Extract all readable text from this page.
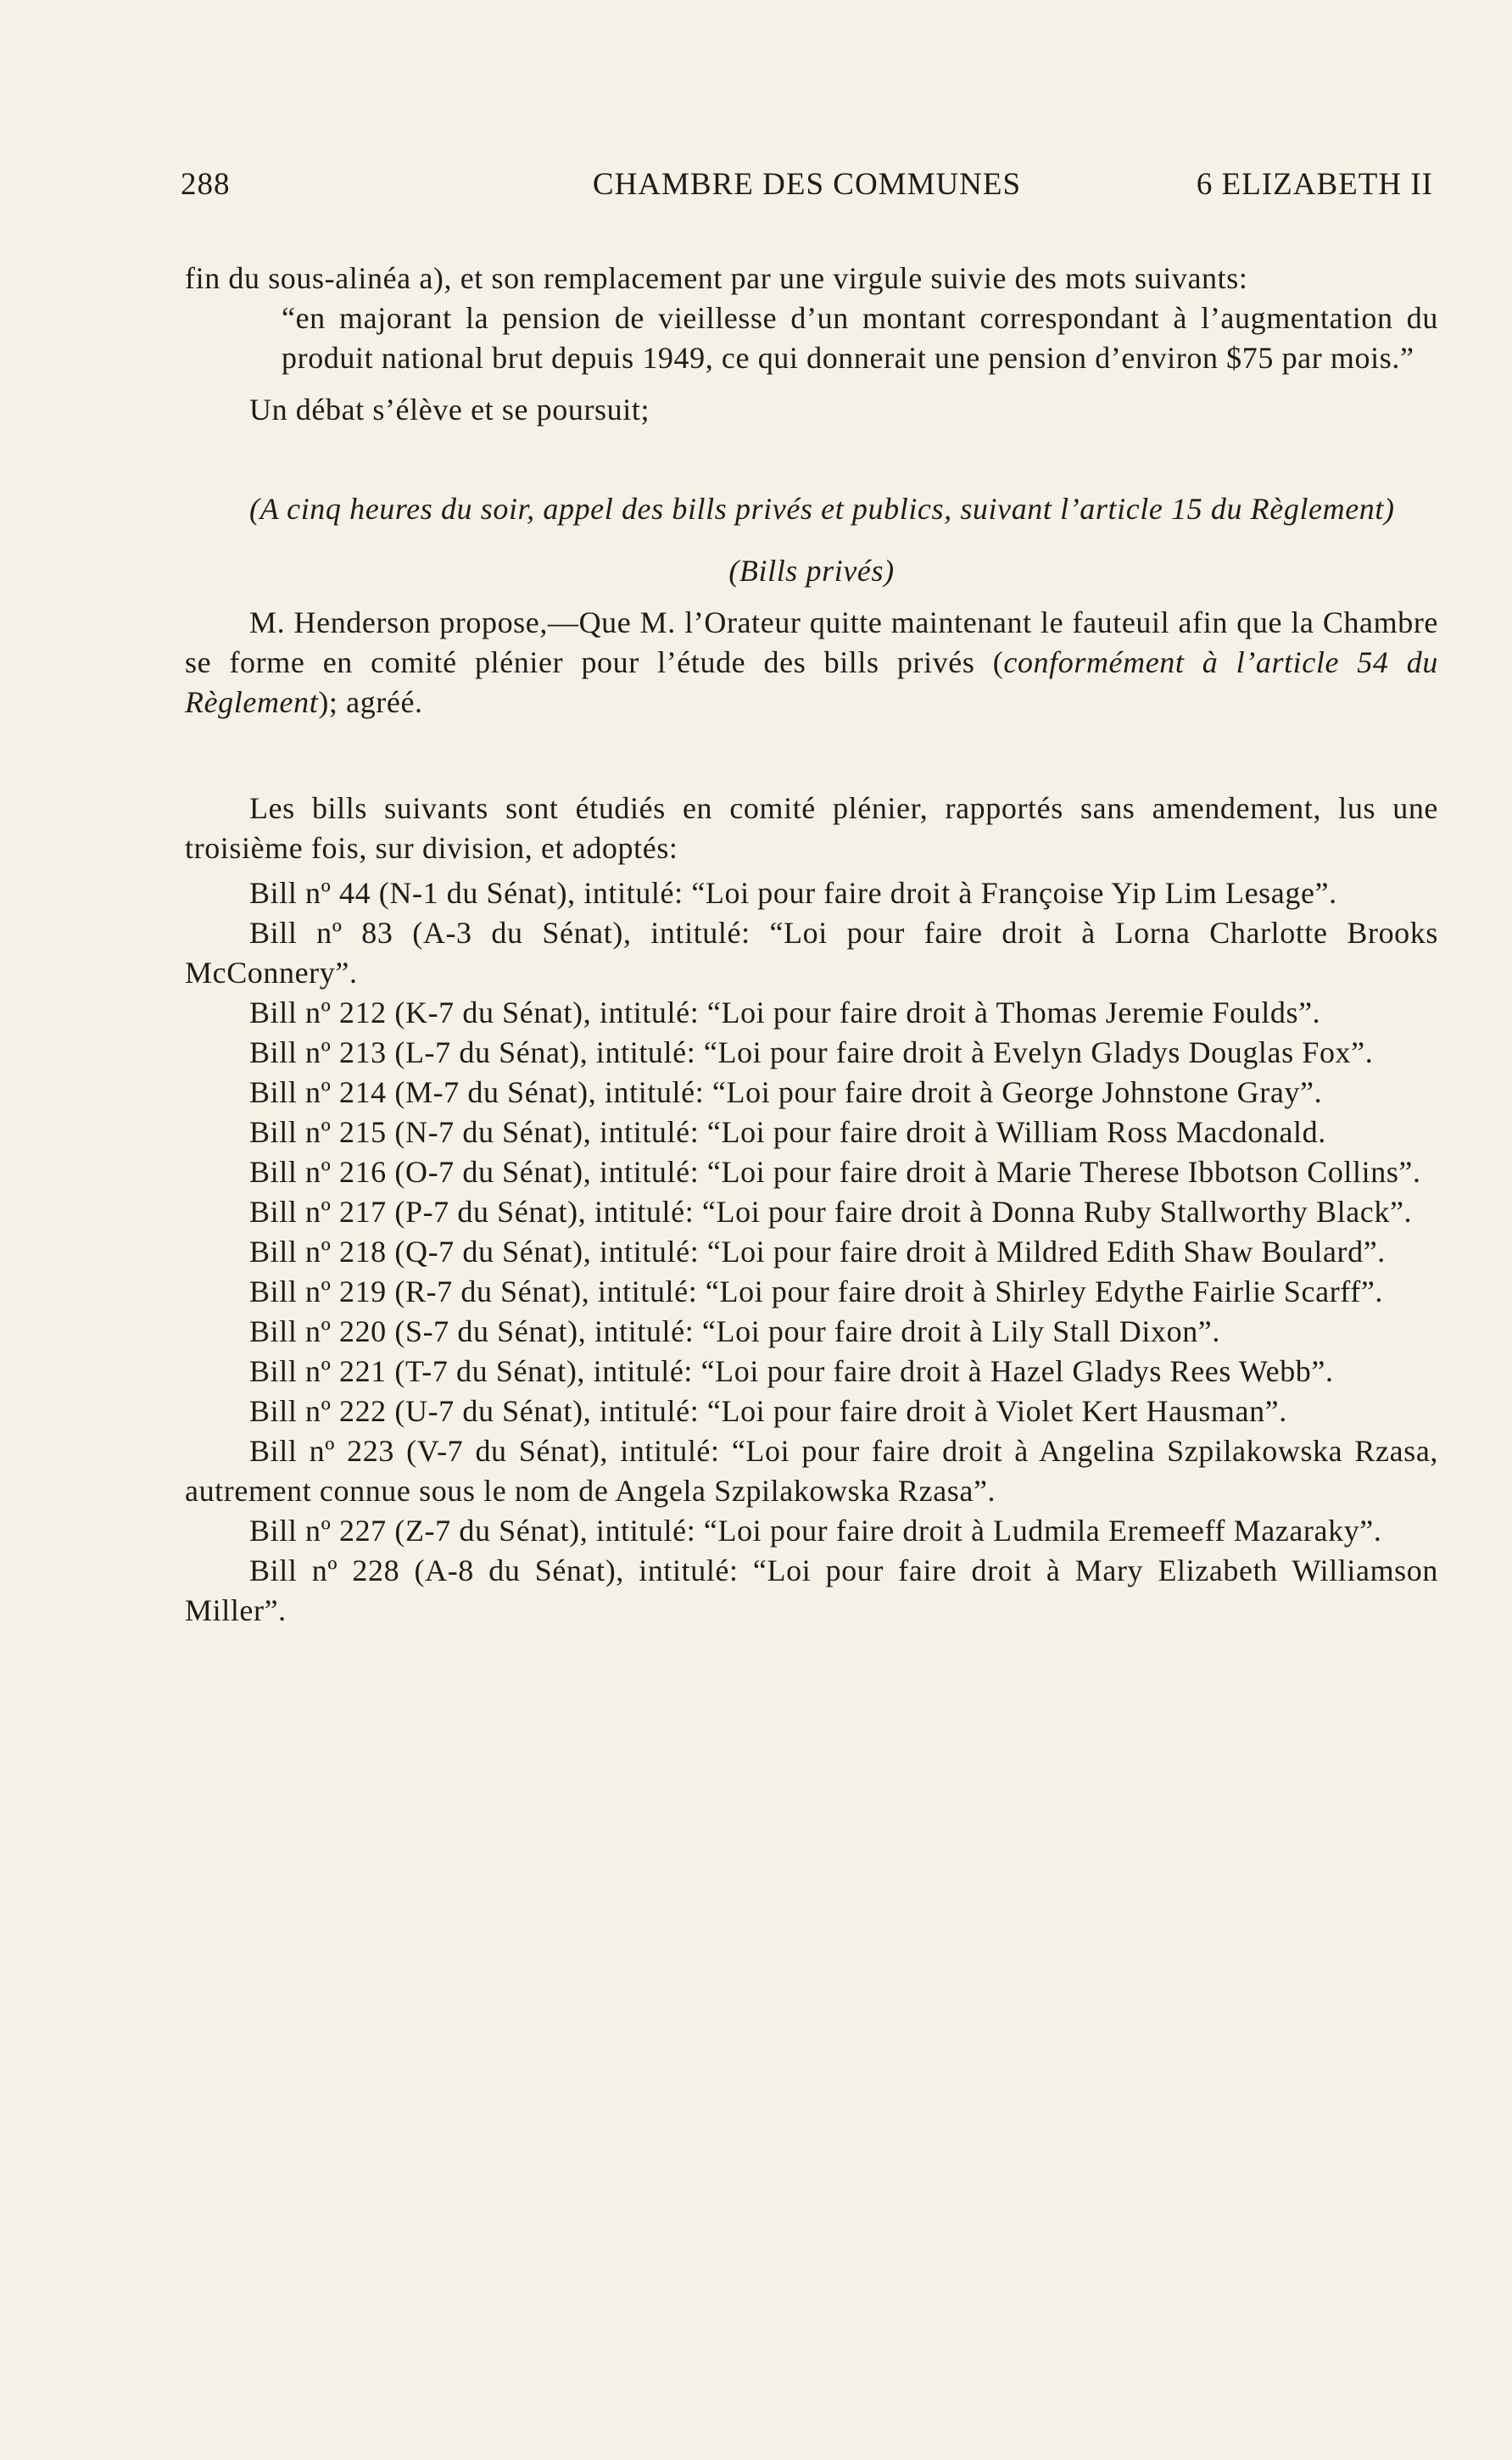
288	CHAMBRE DES COMMUNES	6 ELIZABETH II

fin du sous-alinéa a), et son remplacement par une virgule suivie des mots suivants:

“en majorant la pension de vieillesse d’un montant correspondant à l’augmentation du produit national brut depuis 1949, ce qui donnerait une pension d’environ $75 par mois.”

Un débat s’élève et se poursuit;

(A cinq heures du soir, appel des bills privés et publics, suivant l’article 15 du Règlement)

(Bills privés)

M. Henderson propose,—Que M. l’Orateur quitte maintenant le fauteuil afin que la Chambre se forme en comité plénier pour l’étude des bills privés (conformément à l’article 54 du Règlement); agréé.

Les bills suivants sont étudiés en comité plénier, rapportés sans amendement, lus une troisième fois, sur division, et adoptés:

Bill nº 44 (N-1 du Sénat), intitulé: “Loi pour faire droit à Françoise Yip Lim Lesage”.

Bill nº 83 (A-3 du Sénat), intitulé: “Loi pour faire droit à Lorna Charlotte Brooks McConnery”.

Bill nº 212 (K-7 du Sénat), intitulé: “Loi pour faire droit à Thomas Jeremie Foulds”.

Bill nº 213 (L-7 du Sénat), intitulé: “Loi pour faire droit à Evelyn Gladys Douglas Fox”.

Bill nº 214 (M-7 du Sénat), intitulé: “Loi pour faire droit à George Johnstone Gray”.

Bill nº 215 (N-7 du Sénat), intitulé: “Loi pour faire droit à William Ross Macdonald.

Bill nº 216 (O-7 du Sénat), intitulé: “Loi pour faire droit à Marie Therese Ibbotson Collins”.

Bill nº 217 (P-7 du Sénat), intitulé: “Loi pour faire droit à Donna Ruby Stallworthy Black”.

Bill nº 218 (Q-7 du Sénat), intitulé: “Loi pour faire droit à Mildred Edith Shaw Boulard”.

Bill nº 219 (R-7 du Sénat), intitulé: “Loi pour faire droit à Shirley Edythe Fairlie Scarff”.

Bill nº 220 (S-7 du Sénat), intitulé: “Loi pour faire droit à Lily Stall Dixon”.

Bill nº 221 (T-7 du Sénat), intitulé: “Loi pour faire droit à Hazel Gladys Rees Webb”.

Bill nº 222 (U-7 du Sénat), intitulé: “Loi pour faire droit à Violet Kert Hausman”.

Bill nº 223 (V-7 du Sénat), intitulé: “Loi pour faire droit à Angelina Szpilakowska Rzasa, autrement connue sous le nom de Angela Szpilakowska Rzasa”.

Bill nº 227 (Z-7 du Sénat), intitulé: “Loi pour faire droit à Ludmila Eremeeff Mazaraky”.

Bill nº 228 (A-8 du Sénat), intitulé: “Loi pour faire droit à Mary Elizabeth Williamson Miller”.
